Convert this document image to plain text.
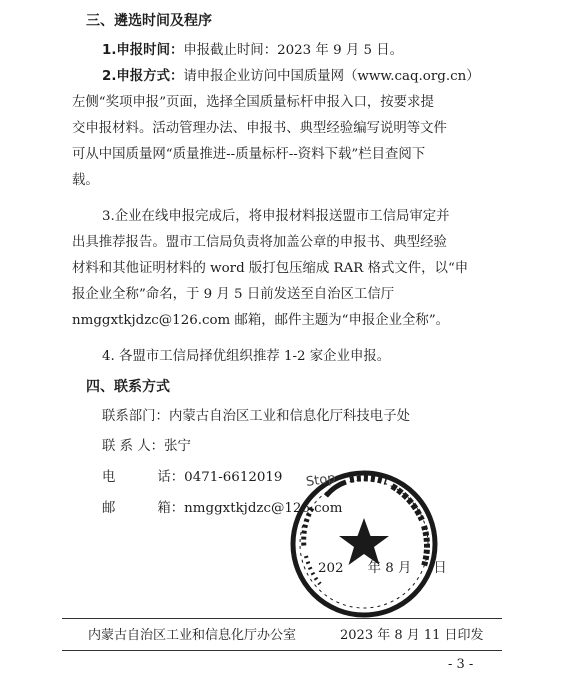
三、遴选时间及程序
1.申报时间：申报截止时间：2023 年 9 月 5 日。
2.申报方式：请申报企业访问中国质量网（www.caq.org.cn）
左侧“奖项申报”页面，选择全国质量标杆申报入口，按要求提
交申报材料。活动管理办法、申报书、典型经验编写说明等文件
可从中国质量网“质量推进--质量标杆--资料下载”栏目查阅下
载。
3.企业在线申报完成后，将申报材料报送盟市工信局审定并
出具推荐报告。盟市工信局负责将加盖公章的申报书、典型经验
材料和其他证明材料的 word 版打包压缩成 RAR 格式文件，以“申
报企业全称”命名，于 9 月 5 日前发送至自治区工信厅
nmggxtkjdzc@126.com 邮箱，邮件主题为“申报企业全称”。
4. 各盟市工信局择优组织推荐 1-2 家企业申报。
四、联系方式
联系部门：内蒙古自治区工业和信息化厅科技电子处
联 系 人：张宁
电	话：0471-6612019
邮	箱：nmggxtkjdzc@126.com
Stop
202 年 8 月 日
内蒙古自治区工业和信息化厅办公室	2023 年 8 月 11 日印发
- 3 -
